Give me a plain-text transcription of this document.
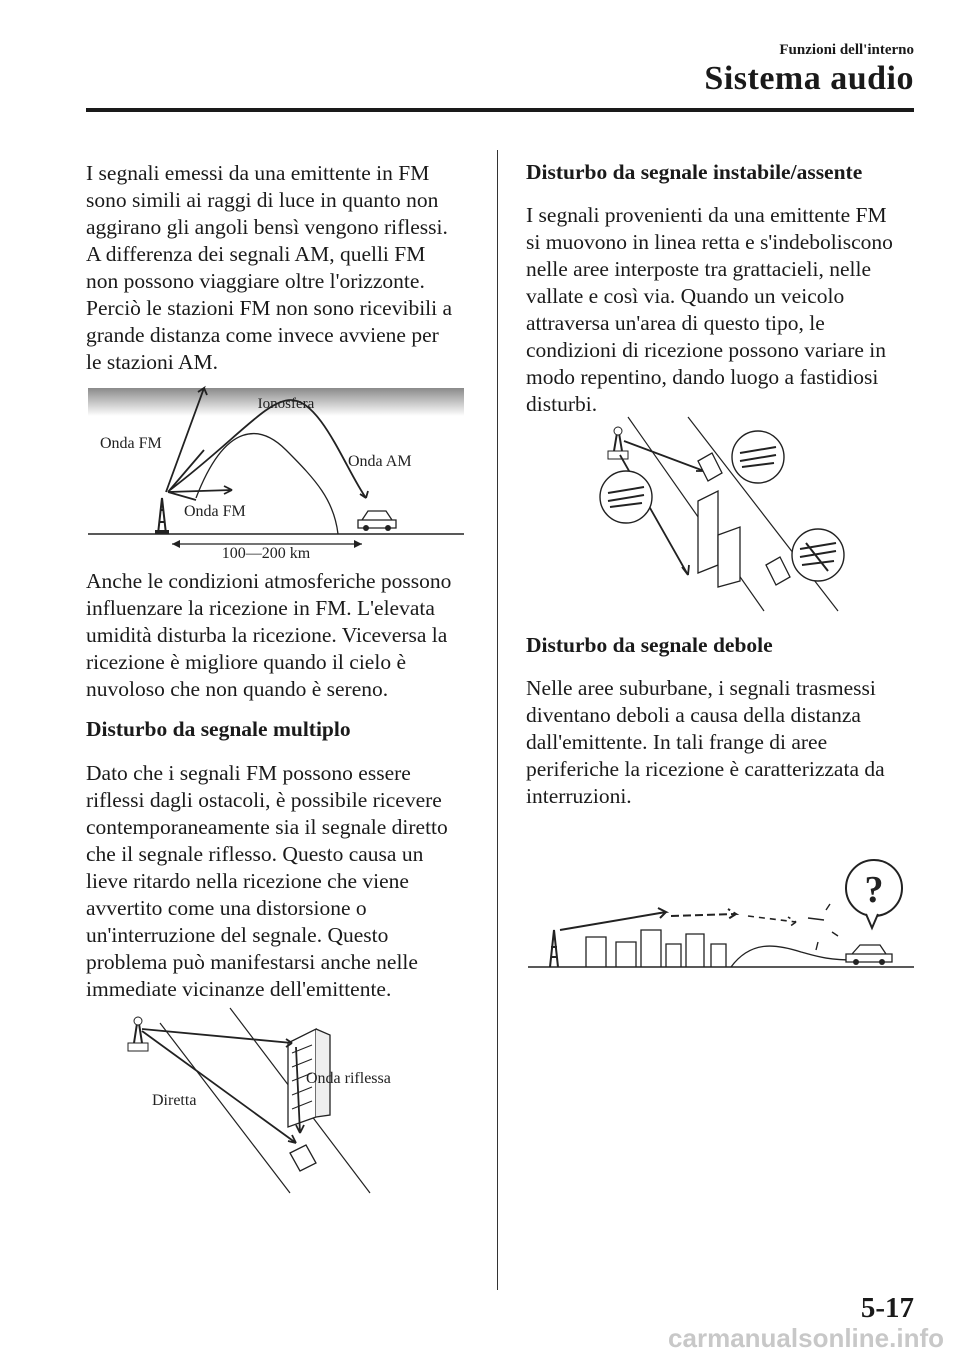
Funzioni dell'interno
Sistema audio

I segnali emessi da una emittente in FM
sono simili ai raggi di luce in quanto non
aggirano gli angoli bensì vengono riflessi.
A differenza dei segnali AM, quelli FM
non possono viaggiare oltre l'orizzonte.
Perciò le stazioni FM non sono ricevibili a
grande distanza come invece avviene per
le stazioni AM.

Ionosfera
Onda FM
Onda AM
Onda FM
100—200 km

Anche le condizioni atmosferiche possono
influenzare la ricezione in FM. L'elevata
umidità disturba la ricezione. Viceversa la
ricezione è migliore quando il cielo è
nuvoloso che non quando è sereno.

Disturbo da segnale multiplo

Dato che i segnali FM possono essere
riflessi dagli ostacoli, è possibile ricevere
contemporaneamente sia il segnale diretto
che il segnale riflesso. Questo causa un
lieve ritardo nella ricezione che viene
avvertito come una distorsione o
un'interruzione del segnale. Questo
problema può manifestarsi anche nelle
immediate vicinanze dell'emittente.

Onda riflessa
Diretta
Disturbo da segnale instabile/assente

I segnali provenienti da una emittente FM
si muovono in linea retta e s'indeboliscono
nelle aree interposte tra grattacieli, nelle
vallate e così via. Quando un veicolo
attraversa un'area di questo tipo, le
condizioni di ricezione possono variare in
modo repentino, dando luogo a fastidiosi
disturbi.

Disturbo da segnale debole

Nelle aree suburbane, i segnali trasmessi
diventano deboli a causa della distanza
dall'emittente. In tali frange di aree
periferiche la ricezione è caratterizzata da
interruzioni.

?
5-17
carmanualsonline.info
